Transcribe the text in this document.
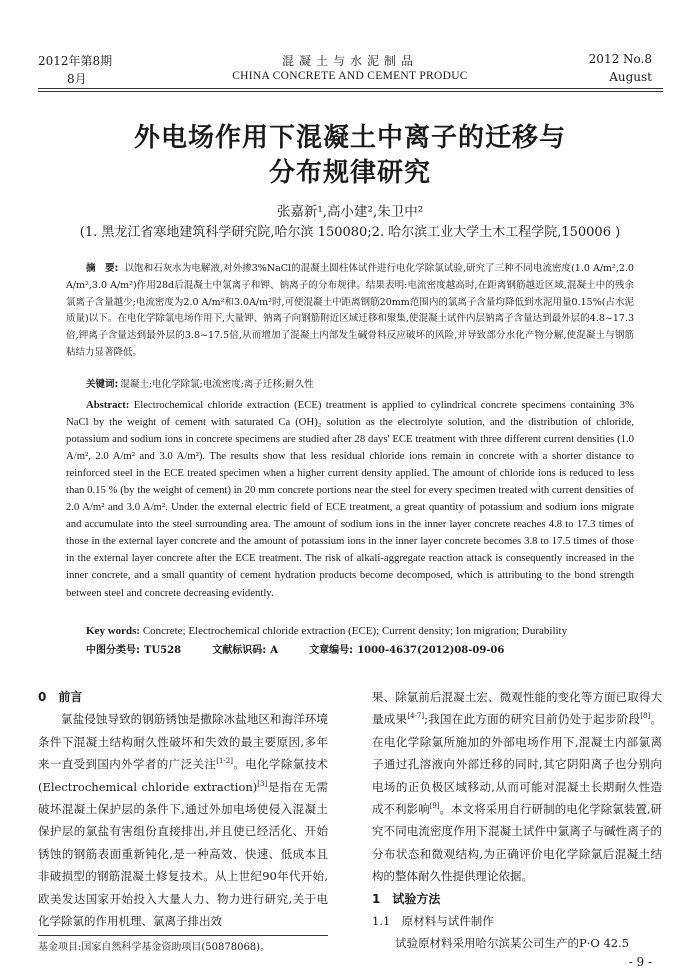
2012年第8期
8月
混凝土与水泥制品
CHINA CONCRETE AND CEMENT PRODUC
2012 No.8
August
外电场作用下混凝土中离子的迁移与
分布规律研究
张嘉新¹,高小建²,朱卫中²
(1. 黑龙江省寒地建筑科学研究院,哈尔滨 150080;2. 哈尔滨工业大学土木工程学院,150006 )
摘　要: 以饱和石灰水为电解液,对外掺3%NaCl的混凝土圆柱体试件进行电化学除氯试验,研究了三种不同电流密度(1.0 A/m²,2.0 A/m²,3.0 A/m²)作用28d后混凝土中氯离子和钾、钠离子的分布规律。结果表明:电流密度越高时,在距离钢筋越近区域,混凝土中的残余氯离子含量越少;电流密度为2.0 A/m²和3.0A/m²时,可使混凝土中距离钢筋20mm范围内的氯离子含量均降低到水泥用量0.15%(占水泥质量)以下。在电化学除氯电场作用下,大量钾、钠离子向钢筋附近区域迁移和聚集,使混凝土试件内层钠离子含量达到最外层的4.8~17.3倍,钾离子含量达到最外层的3.8~17.5倍,从而增加了混凝土内部发生碱骨料反应破坏的风险,并导致部分水化产物分解,使混凝土与钢筋粘结力显著降低。
关键词: 混凝土;电化学除氯;电流密度;离子迁移;耐久性
Abstract: Electrochemical chloride extraction (ECE) treatment is applied to cylindrical concrete specimens containing 3% NaCl by the weight of cement with saturated Ca (OH)₂ solution as the electrolyte solution, and the distribution of chloride, potassium and sodium ions in concrete specimens are studied after 28 days' ECE treatment with three different current densities (1.0 A/m², 2.0 A/m² and 3.0 A/m²). The results show that less residual chloride ions remain in concrete with a shorter distance to reinforced steel in the ECE treated specimen when a higher current density applied. The amount of chloride ions is reduced to less than 0.15 % (by the weight of cement) in 20 mm concrete portions near the steel for every specimen treated with current densities of 2.0 A/m² and 3.0 A/m². Under the external electric field of ECE treatment, a great quantity of potassium and sodium ions migrate and accumulate into the steel surrounding area. The amount of sodium ions in the inner layer concrete reaches 4.8 to 17.3 times of those in the external layer concrete and the amount of potassium ions in the inner layer concrete becomes 3.8 to 17.5 times of those in the external layer concrete after the ECE treatment. The risk of alkali-aggregate reaction attack is consequently increased in the inner concrete, and a small quantity of cement hydration products become decomposed, which is attributing to the bond strength between steel and concrete decreasing evidently.
Key words: Concrete; Electrochemical chloride extraction (ECE); Current density; Ion migration; Durability
中图分类号: TU528	文献标识码: A	文章编号: 1000-4637(2012)08-09-06
0　前言
氯盐侵蚀导致的钢筋锈蚀是撒除冰盐地区和海洋环境条件下混凝土结构耐久性破坏和失效的最主要原因,多年来一直受到国内外学者的广泛关注[1-2]。电化学除氯技术(Electrochemical chloride extraction)[3]是指在无需破坏混凝土保护层的条件下,通过外加电场使侵入混凝土保护层的氯盐有害组份直接排出,并且使已经活化、开始锈蚀的钢筋表面重新钝化,是一种高效、快速、低成本且非破损型的钢筋混凝土修复技术。从上世纪90年代开始,欧美发达国家开始投入大量人力、物力进行研究,关于电化学除氯的作用机理、氯离子排出效
果、除氯前后混凝土宏、微观性能的变化等方面已取得大量成果[4-7];我国在此方面的研究目前仍处于起步阶段[8]。在电化学除氯所施加的外部电场作用下,混凝土内部氯离子通过孔溶液向外部迁移的同时,其它阴阳离子也分别向电场的正负极区域移动,从而可能对混凝土长期耐久性造成不利影响[9]。本文将采用自行研制的电化学除氯装置,研究不同电流密度作用下混凝土试件中氯离子与碱性离子的分布状态和微观结构,为正确评价电化学除氯后混凝土结构的整体耐久性提供理论依据。
1　试验方法
1.1　原材料与试件制作
试验原材料采用哈尔滨某公司生产的P·O 42.5
基金项目:国家自然科学基金资助项目(50878068)。
- 9 -
